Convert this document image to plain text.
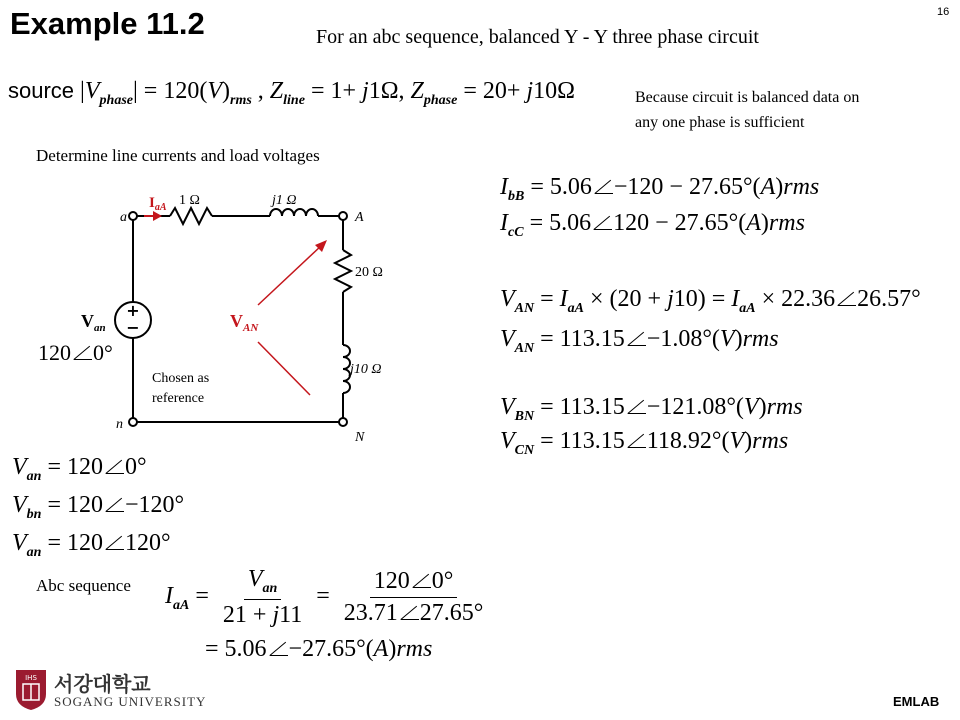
Example 11.2	16
For an abc sequence, balanced Y - Y three phase circuit
source $|V_{phase}| = 120(V)_{rms}$ , $Z_{line} = 1+ j1\Omega$, $Z_{phase} = 20+ j10\Omega$	Because circuit is balanced data on any one phase is sufficient
Determine line currents and load voltages
+
−
a	A
n
N
1 Ω	j1 Ω
20 Ω
j10 Ω
$I_{aA}$
$V_{an}$	$V_{AN}$
120 0°
Chosen as reference
$I_{bB} = 5.06 -120 - 27.65^\circ(A)rms$
$I_{cC} = 5.06$ 120 − 27.65°(A)rms
$V_{AN} = I_{aA} \times (20 + j10) = I_{aA} \times 22.36$ 26.57°
$V_{AN} = 113.15 -1.08^\circ(V)rms$
$V_{BN} = 113.15 -121.08^\circ(V)rms$
$V_{CN} = 113.15$ 118.92°(V)rms
$V_{an} = 120$ 0°
$V_{bn} = 120 -120^\circ$
$V_{an} = 120$ 120°
Abc sequence $I_{aA} = \frac{V_{an}}{21 + j11} = \frac{120 0^\circ}{23.71 27.65^\circ}$
= 5.06 −27.65°(A)rms
IHS 서강대학교
SOGANG UNIVERSITY	EMLAB
